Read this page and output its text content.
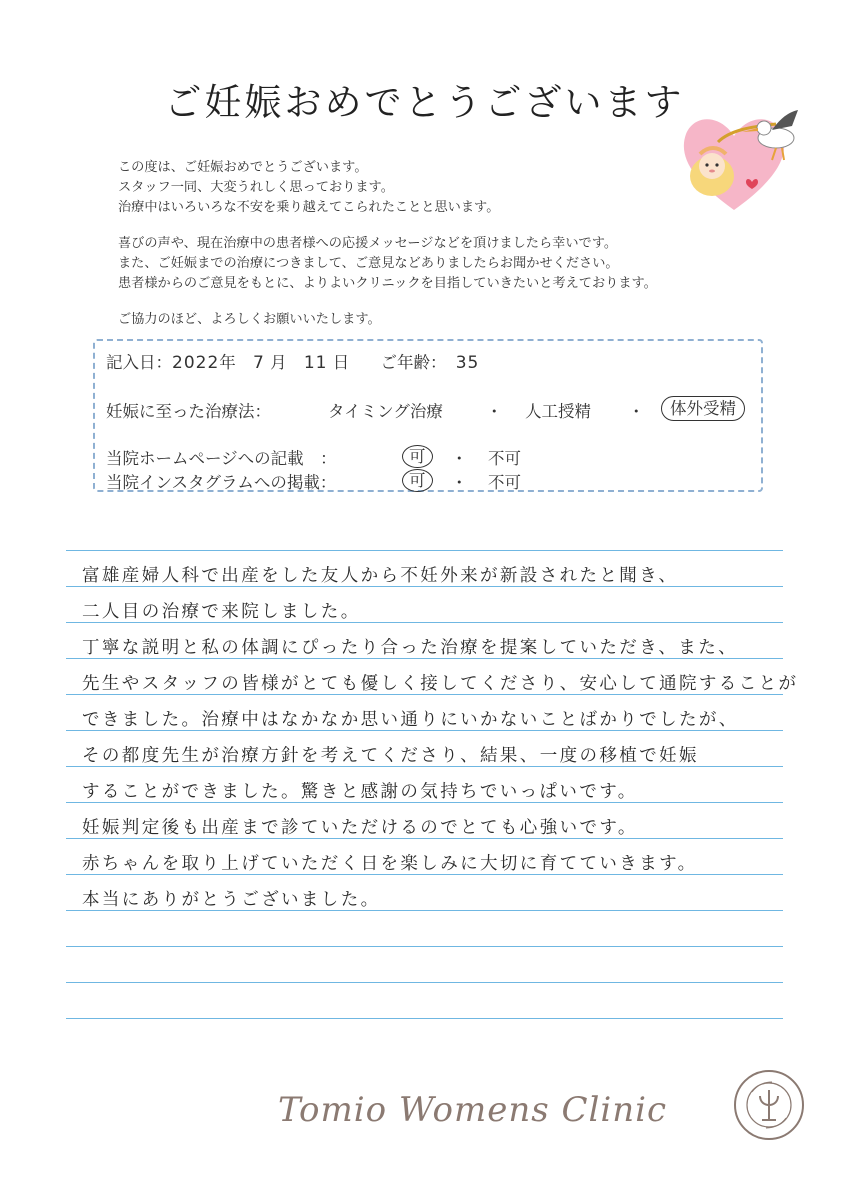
ご妊娠おめでとうございます

この度は、ご妊娠おめでとうございます。

スタッフ一同、大変うれしく思っております。

治療中はいろいろな不安を乗り越えてこられたことと思います。

喜びの声や、現在治療中の患者様への応援メッセージなどを頂けましたら幸いです。

また、ご妊娠までの治療につきまして、ご意見などありましたらお聞かせください。

患者様からのご意見をもとに、よりよいクリニックを目指していきたいと考えております。

ご協力のほど、よろしくお願いいたします。

記入日：2022年 7 月 11 日 ご年齢： 35
妊娠に至った治療法：	タイミング治療	・ 人工授精 ・	体外受精
当院ホームページへの記載　：	可	・ 不可
当院インスタグラムへの掲載：	可	・ 不可
富雄産婦人科で出産をした友人から不妊外来が新設されたと聞き、
二人目の治療で来院しました。
丁寧な説明と私の体調にぴったり合った治療を提案していただき、また、
先生やスタッフの皆様がとても優しく接してくださり、安心して通院することが
できました。治療中はなかなか思い通りにいかないことばかりでしたが、
その都度先生が治療方針を考えてくださり、結果、一度の移植で妊娠
することができました。驚きと感謝の気持ちでいっぱいです。
妊娠判定後も出産まで診ていただけるのでとても心強いです。
赤ちゃんを取り上げていただく日を楽しみに大切に育てていきます。
本当にありがとうございました。
Tomio Womens Clinic
